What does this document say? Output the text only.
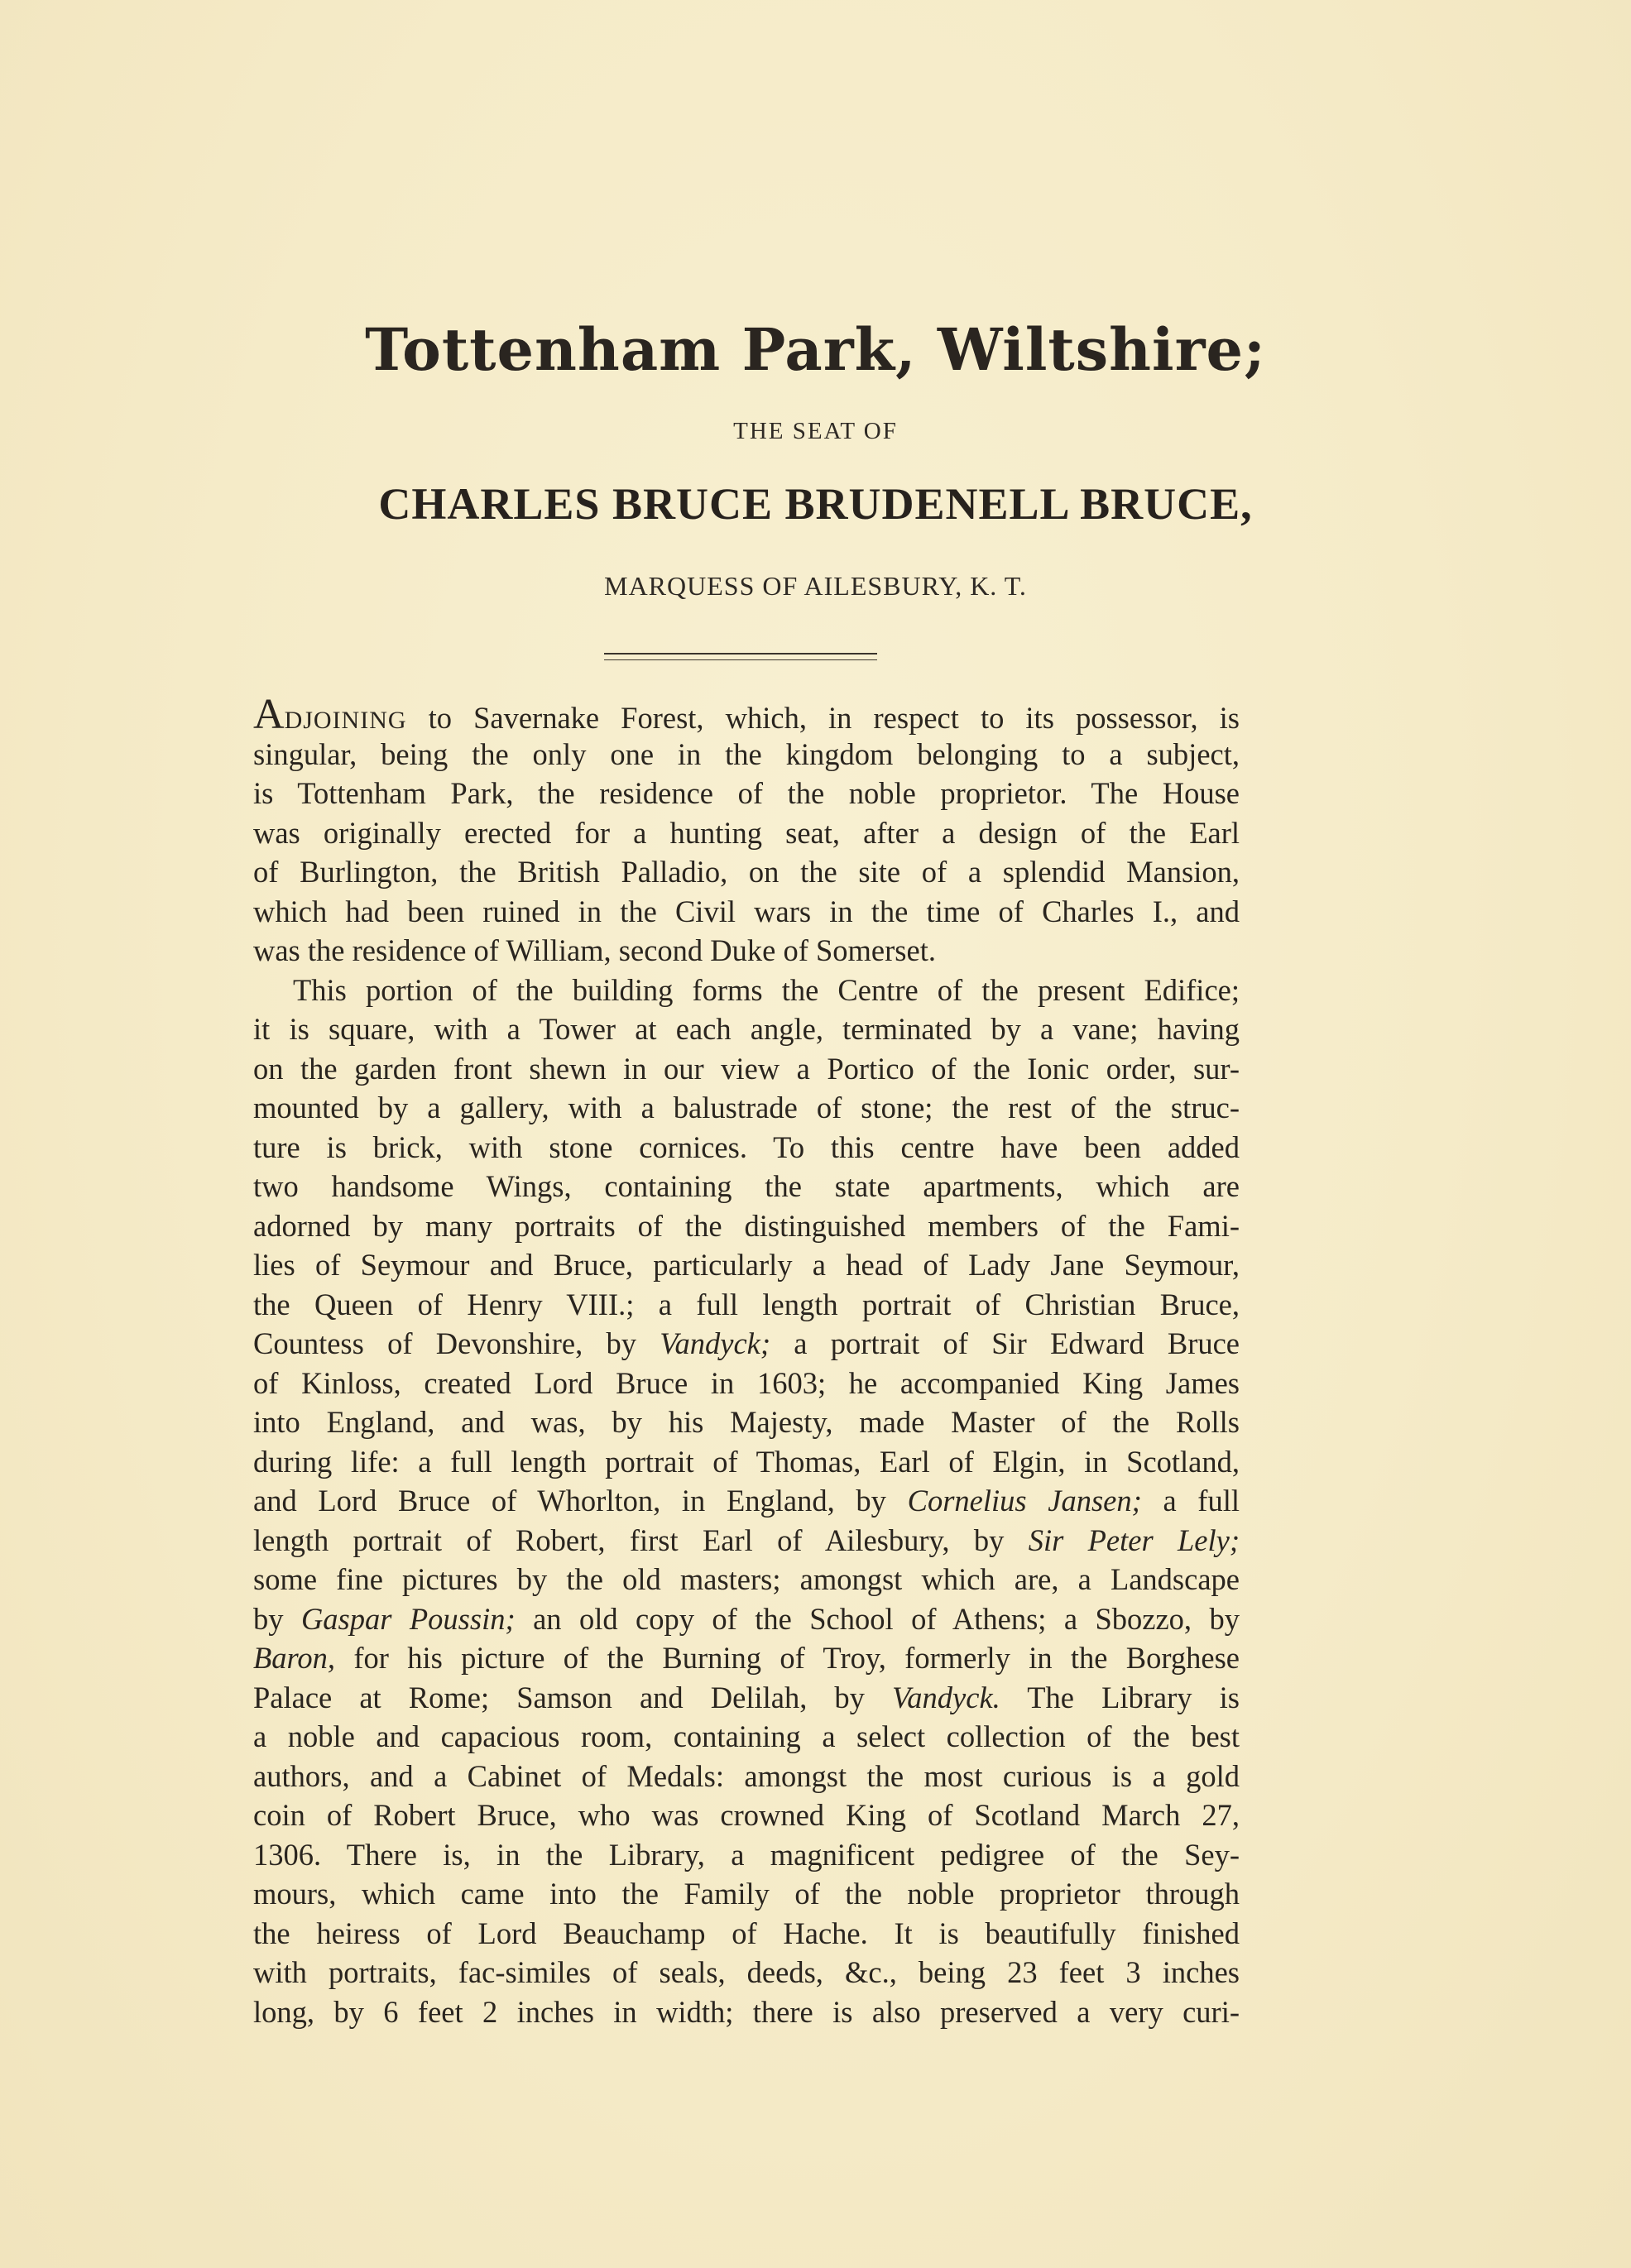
Tottenham Park, Wiltshire;
THE SEAT OF
CHARLES BRUCE BRUDENELL BRUCE,
MARQUESS OF AILESBURY, K. T.
ADJOINING to Savernake Forest, which, in respect to its possessor, is
singular, being the only one in the kingdom belonging to a subject,
is Tottenham Park, the residence of the noble proprietor. The House
was originally erected for a hunting seat, after a design of the Earl
of Burlington, the British Palladio, on the site of a splendid Mansion,
which had been ruined in the Civil wars in the time of Charles I., and
was the residence of William, second Duke of Somerset.
This portion of the building forms the Centre of the present Edifice;
it is square, with a Tower at each angle, terminated by a vane; having
on the garden front shewn in our view a Portico of the Ionic order, sur-
mounted by a gallery, with a balustrade of stone; the rest of the struc-
ture is brick, with stone cornices. To this centre have been added
two handsome Wings, containing the state apartments, which are
adorned by many portraits of the distinguished members of the Fami-
lies of Seymour and Bruce, particularly a head of Lady Jane Seymour,
the Queen of Henry VIII.; a full length portrait of Christian Bruce,
Countess of Devonshire, by Vandyck; a portrait of Sir Edward Bruce
of Kinloss, created Lord Bruce in 1603; he accompanied King James
into England, and was, by his Majesty, made Master of the Rolls
during life: a full length portrait of Thomas, Earl of Elgin, in Scotland,
and Lord Bruce of Whorlton, in England, by Cornelius Jansen; a full
length portrait of Robert, first Earl of Ailesbury, by Sir Peter Lely;
some fine pictures by the old masters; amongst which are, a Landscape
by Gaspar Poussin; an old copy of the School of Athens; a Sbozzo, by
Baron, for his picture of the Burning of Troy, formerly in the Borghese
Palace at Rome; Samson and Delilah, by Vandyck. The Library is
a noble and capacious room, containing a select collection of the best
authors, and a Cabinet of Medals: amongst the most curious is a gold
coin of Robert Bruce, who was crowned King of Scotland March 27,
1306. There is, in the Library, a magnificent pedigree of the Sey-
mours, which came into the Family of the noble proprietor through
the heiress of Lord Beauchamp of Hache. It is beautifully finished
with portraits, fac-similes of seals, deeds, &c., being 23 feet 3 inches
long, by 6 feet 2 inches in width; there is also preserved a very curi-
